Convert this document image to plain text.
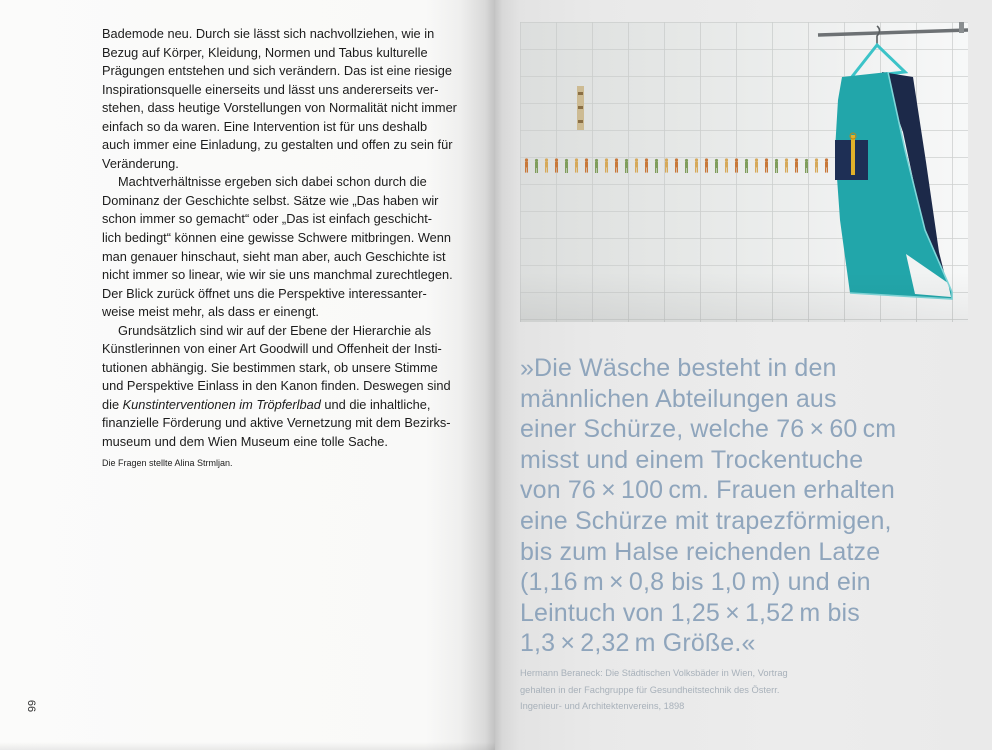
Bademode neu. Durch sie lässt sich nachvollziehen, wie in
Bezug auf Körper, Kleidung, Normen und Tabus kulturelle
Prägungen entstehen und sich verändern. Das ist eine riesige
Inspirationsquelle einerseits und lässt uns andererseits ver-
stehen, dass heutige Vorstellungen von Normalität nicht immer
einfach so da waren. Eine Intervention ist für uns deshalb
auch immer eine Einladung, zu gestalten und offen zu sein für
Veränderung.
Machtverhältnisse ergeben sich dabei schon durch die
Dominanz der Geschichte selbst. Sätze wie „Das haben wir
schon immer so gemacht“ oder „Das ist einfach geschicht-
lich bedingt“ können eine gewisse Schwere mitbringen. Wenn
man genauer hinschaut, sieht man aber, auch Geschichte ist
nicht immer so linear, wie wir sie uns manchmal zurechtlegen.
Der Blick zurück öffnet uns die Perspektive interessanter-
weise meist mehr, als dass er einengt.
Grundsätzlich sind wir auf der Ebene der Hierarchie als
Künstlerinnen von einer Art Goodwill und Offenheit der Insti-
tutionen abhängig. Sie bestimmen stark, ob unsere Stimme
und Perspektive Einlass in den Kanon finden. Deswegen sind
die Kunstinterventionen im Tröpferlbad und die inhaltliche,
finanzielle Förderung und aktive Vernetzung mit dem Bezirks-
museum und dem Wien Museum eine tolle Sache.
Die Fragen stellte Alina Strmljan.
66
»Die Wäsche besteht in den
männlichen Abteilungen aus
einer Schürze, welche 76 × 60 cm
misst und einem Trockentuche
von 76 × 100 cm. Frauen erhalten
eine Schürze mit trapezförmigen,
bis zum Halse reichenden Latze
(1,16 m × 0,8 bis 1,0 m) und ein
Leintuch von 1,25 × 1,52 m bis
1,3 × 2,32 m Größe.«
Hermann Beraneck: Die Städtischen Volksbäder in Wien, Vortrag
gehalten in der Fachgruppe für Gesundheitstechnik des Österr.
Ingenieur- und Architektenvereins, 1898
